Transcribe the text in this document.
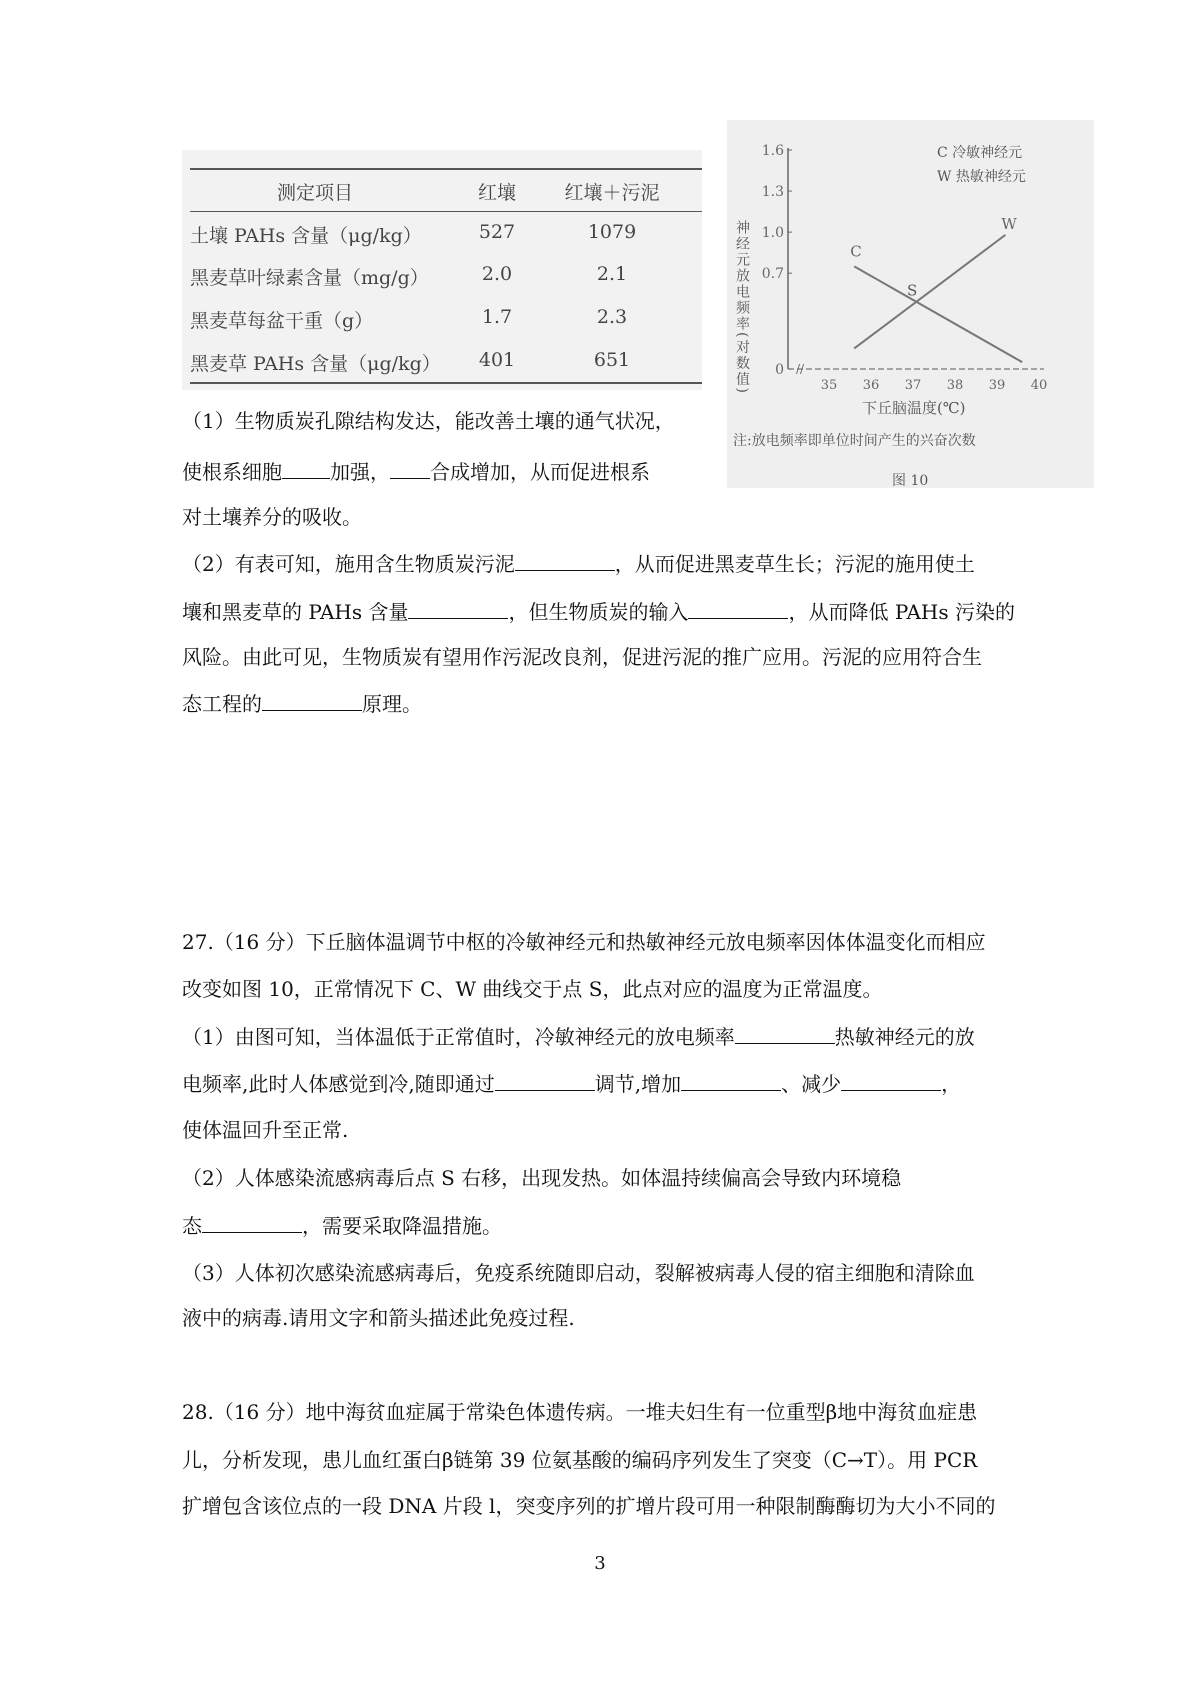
测定项目	红壤	红壤＋污泥
土壤 PAHs 含量（μg/kg）	527	1079
黑麦草叶绿素含量（mg/g）	2.0	2.1
黑麦草每盆干重（g）	1.7	2.3
黑麦草 PAHs 含量（μg/kg）	401	651	//
0
0.7
1.0
1.3
1.6
35 36 37 38 39 40
C
W
S
C 冷敏神经元
W 热敏神经元
神经元放电频率(对数值)
下丘脑温度(℃)
注:放电频率即单位时间产生的兴奋次数
图 10
（1）生物质炭孔隙结构发达，能改善土壤的通气状况，
使根系细胞 加强， 合成增加，从而促进根系
对土壤养分的吸收。
（2）有表可知，施用含生物质炭污泥	，从而促进黑麦草生长；污泥的施用使土
壤和黑麦草的 PAHs 含量	，但生物质炭的输入	，从而降低 PAHs 污染的
风险。由此可见，生物质炭有望用作污泥改良剂，促进污泥的推广应用。污泥的应用符合生
态工程的	原理。
27.（16 分）下丘脑体温调节中枢的冷敏神经元和热敏神经元放电频率因体体温变化而相应
改变如图 10，正常情况下 C、W 曲线交于点 S，此点对应的温度为正常温度。
（1）由图可知，当体温低于正常值时，冷敏神经元的放电频率	热敏神经元的放
电频率,此时人体感觉到冷,随即通过	调节,增加	、减少	，
使体温回升至正常.
（2）人体感染流感病毒后点 S 右移，出现发热。如体温持续偏高会导致内环境稳
态	，需要采取降温措施。
（3）人体初次感染流感病毒后，免疫系统随即启动，裂解被病毒人侵的宿主细胞和清除血
液中的病毒.请用文字和箭头描述此免疫过程.
28.（16 分）地中海贫血症属于常染色体遗传病。一堆夫妇生有一位重型β地中海贫血症患
儿，分析发现，患儿血红蛋白β链第 39 位氨基酸的编码序列发生了突变（C→T）。用 PCR
扩增包含该位点的一段 DNA 片段 l，突变序列的扩增片段可用一种限制酶酶切为大小不同的
3
